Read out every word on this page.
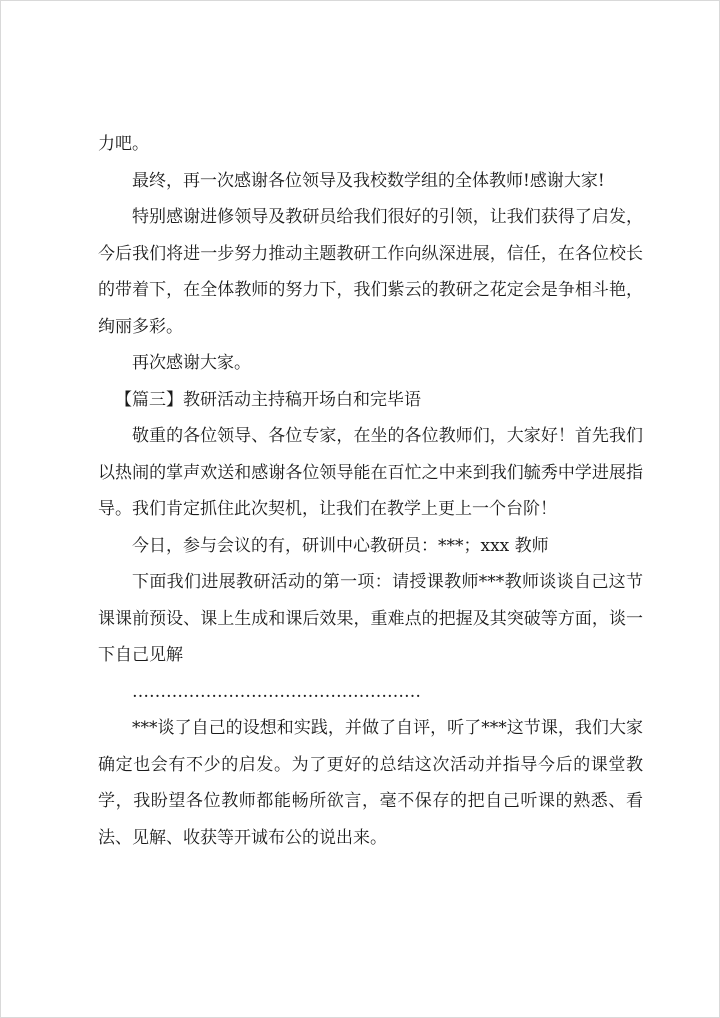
力吧。

最终，再一次感谢各位领导及我校数学组的全体教师!感谢大家!

特别感谢进修领导及教研员给我们很好的引领，让我们获得了启发，今后我们将进一步努力推动主题教研工作向纵深进展，信任，在各位校长的带着下，在全体教师的努力下，我们紫云的教研之花定会是争相斗艳，绚丽多彩。

再次感谢大家。

【篇三】教研活动主持稿开场白和完毕语

敬重的各位领导、各位专家，在坐的各位教师们，大家好！首先我们以热闹的掌声欢送和感谢各位领导能在百忙之中来到我们毓秀中学进展指导。我们肯定抓住此次契机，让我们在教学上更上一个台阶！

今日，参与会议的有，研训中心教研员：***；xxx 教师

下面我们进展教研活动的第一项：请授课教师***教师谈谈自己这节课课前预设、课上生成和课后效果，重难点的把握及其突破等方面，谈一下自己见解

……………………………………………

***谈了自己的设想和实践，并做了自评，听了***这节课，我们大家确定也会有不少的启发。为了更好的总结这次活动并指导今后的课堂教学，我盼望各位教师都能畅所欲言，毫不保存的把自己听课的熟悉、看法、见解、收获等开诚布公的说出来。
